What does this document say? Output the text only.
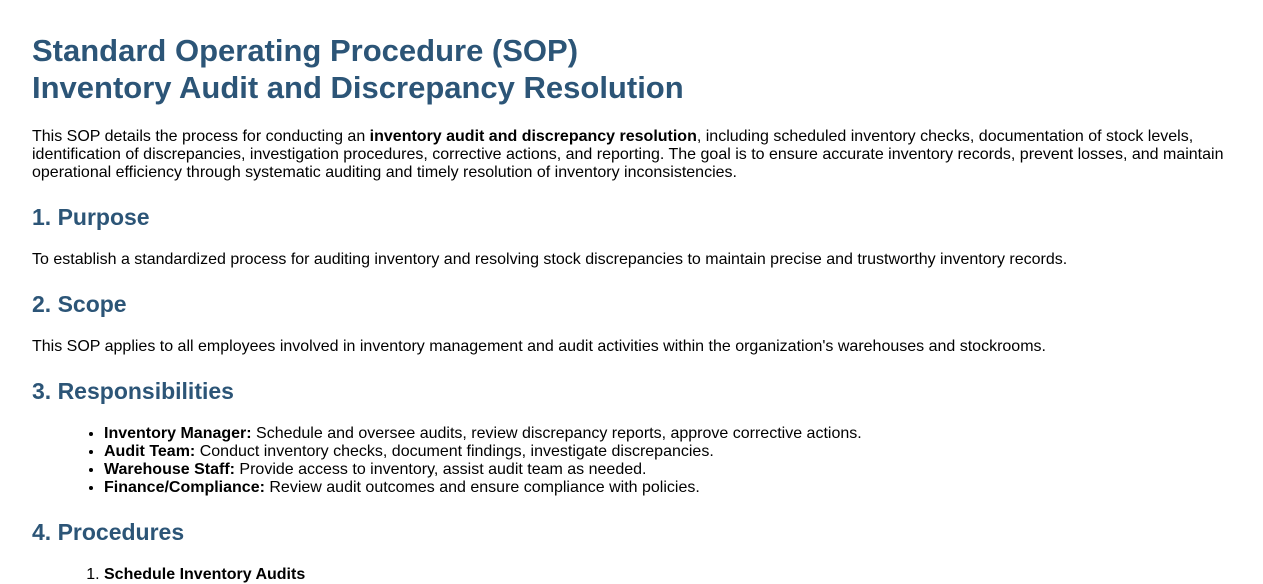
Standard Operating Procedure (SOP)
Inventory Audit and Discrepancy Resolution

This SOP details the process for conducting an inventory audit and discrepancy resolution, including scheduled inventory checks, documentation of stock levels, identification of discrepancies, investigation procedures, corrective actions, and reporting. The goal is to ensure accurate inventory records, prevent losses, and maintain operational efficiency through systematic auditing and timely resolution of inventory inconsistencies.

1. Purpose

To establish a standardized process for auditing inventory and resolving stock discrepancies to maintain precise and trustworthy inventory records.

2. Scope

This SOP applies to all employees involved in inventory management and audit activities within the organization's warehouses and stockrooms.

3. Responsibilities
• Inventory Manager: Schedule and oversee audits, review discrepancy reports, approve corrective actions.
• Audit Team: Conduct inventory checks, document findings, investigate discrepancies.
• Warehouse Staff: Provide access to inventory, assist audit team as needed.
• Finance/Compliance: Review audit outcomes and ensure compliance with policies.
4. Procedures
1. Schedule Inventory Audits
